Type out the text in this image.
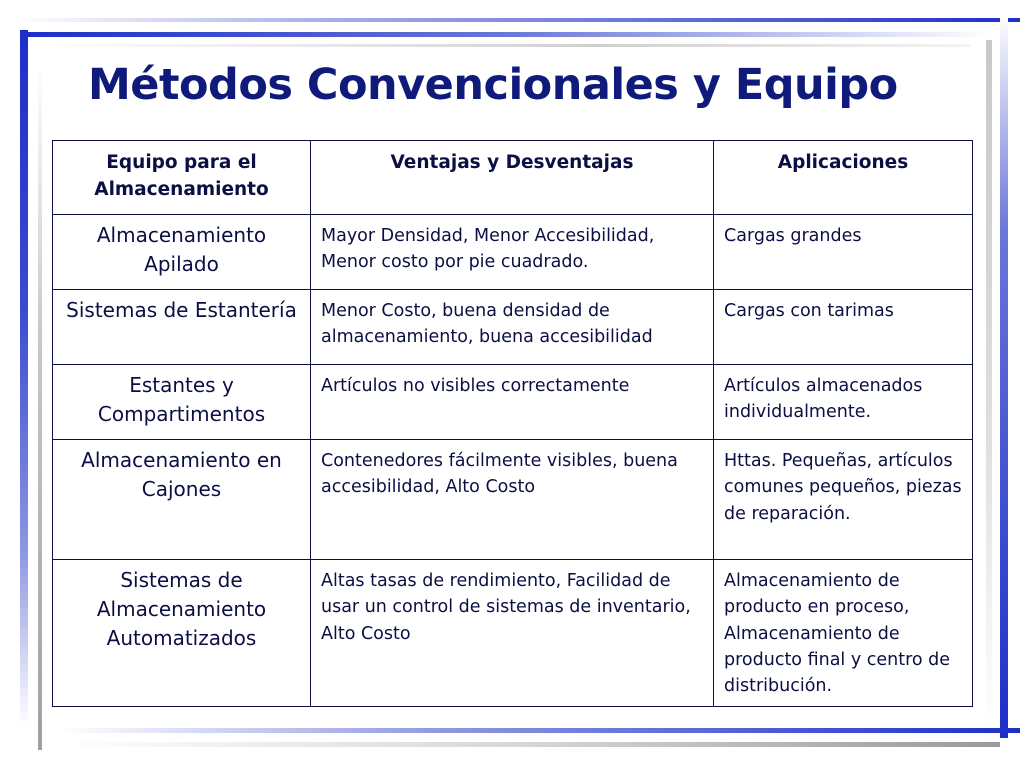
Métodos Convencionales y Equipo
Equipo para el Almacenamiento	Ventajas y Desventajas	Aplicaciones
Almacenamiento Apilado	Mayor Densidad, Menor Accesibilidad, Menor costo por pie cuadrado.	Cargas grandes
Sistemas de Estantería	Menor Costo, buena densidad de almacenamiento, buena accesibilidad	Cargas con tarimas
Estantes y Compartimentos	Artículos no visibles correctamente	Artículos almacenados individualmente.
Almacenamiento en Cajones	Contenedores fácilmente visibles, buena accesibilidad, Alto Costo	Httas. Pequeñas, artículos comunes pequeños, piezas de reparación.
Sistemas de Almacenamiento Automatizados	Altas tasas de rendimiento, Facilidad de usar un control de sistemas de inventario, Alto Costo	Almacenamiento de producto en proceso, Almacenamiento de producto final y centro de distribución.
